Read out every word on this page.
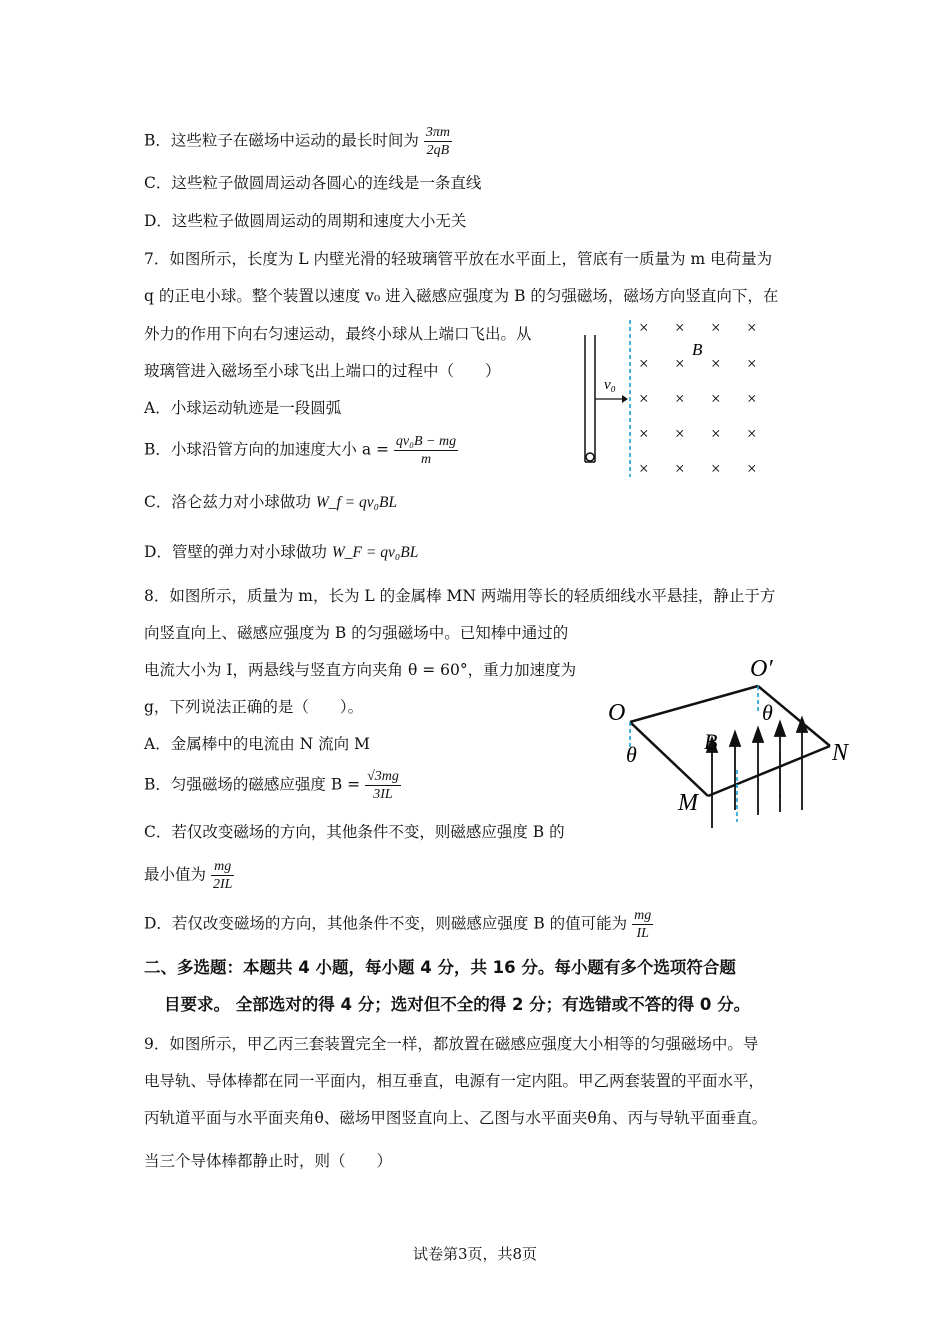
B．这些粒子在磁场中运动的最长时间为 $\frac{3\pi m}{2qB}$
C．这些粒子做圆周运动各圆心的连线是一条直线
D．这些粒子做圆周运动的周期和速度大小无关
7．如图所示，长度为 L 内壁光滑的轻玻璃管平放在水平面上，管底有一质量为 m 电荷量为
q 的正电小球。整个装置以速度 v₀ 进入磁感应强度为 B 的匀强磁场，磁场方向竖直向下，在
外力的作用下向右匀速运动，最终小球从上端口飞出。从
玻璃管进入磁场至小球飞出上端口的过程中（　　）
A．小球运动轨迹是一段圆弧
B．小球沿管方向的加速度大小 $a = \frac{\text{qv₀B − mg}}{m}$
C．洛仑兹力对小球做功 W_f = qv₀BL
D．管壁的弹力对小球做功 W_F = qv₀BL
v₀
B
× × × ×
× × × ×
× × × ×
× × × ×
× × × ×
8．如图所示，质量为 m，长为 L 的金属棒 MN 两端用等长的轻质细线水平悬挂，静止于方
向竖直向上、磁感应强度为 B 的匀强磁场中。已知棒中通过的
电流大小为 I，两悬线与竖直方向夹角 θ = 60°，重力加速度为
g，下列说法正确的是（　　）。
A．金属棒中的电流由 N 流向 M
B．匀强磁场的磁感应强度 $B = \frac{√3mg}{3IL}$
C．若仅改变磁场的方向，其他条件不变，则磁感应强度 B 的
最小值为 $\frac{mg}{2IL}$
D．若仅改变磁场的方向，其他条件不变，则磁感应强度 B 的值可能为 $\frac{mg}{IL}$
O
O′
θ
θ
B
M
N
二、多选题：本题共 4 小题，每小题 4 分，共 16 分。每小题有多个选项符合题
目要求。 全部选对的得 4 分；选对但不全的得 2 分；有选错或不答的得 0 分。
9．如图所示，甲乙丙三套装置完全一样，都放置在磁感应强度大小相等的匀强磁场中。导
电导轨、导体棒都在同一平面内，相互垂直，电源有一定内阻。甲乙两套装置的平面水平，
丙轨道平面与水平面夹角θ、磁场甲图竖直向上、乙图与水平面夹θ角、丙与导轨平面垂直。
当三个导体棒都静止时，则（　　）
试卷第3页，共8页
